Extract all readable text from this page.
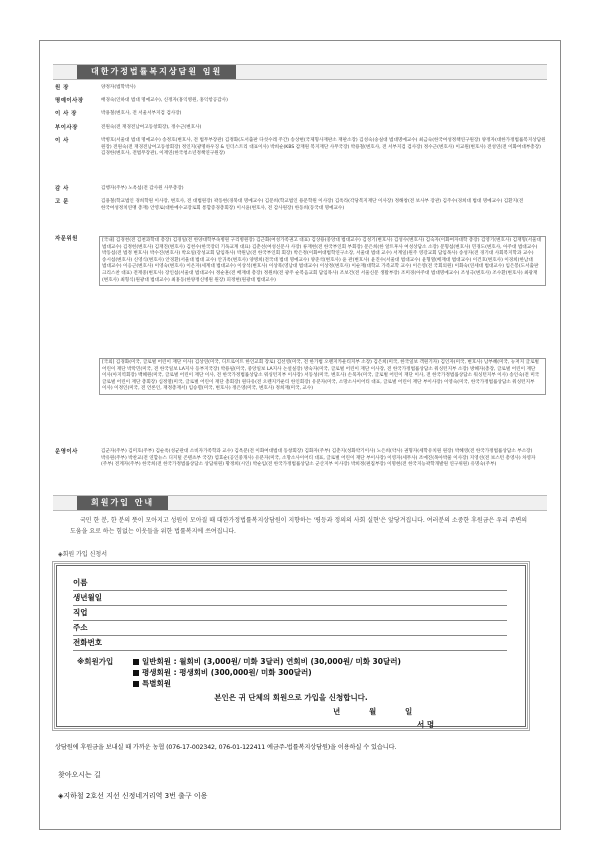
대한가정법률복지상담원 임원
원 장	양정자(법학박사)
명예이사장	배경숙(인하대 법대 명예교수), 신정자(홍익병원, 홍익항공감사)
이 사 장	박용철(변호사, 전 서울서부지검 검사장)
부이사장	전원숙(전 재경전남여고동창회장), 정수근(변호사)
이 사	박병호(서울대 법대 명예교수) 송정호(변호사, 전 법무부장관) 김정화(도서출판 다섯수레 주간) 송상현(국제형사재판소 재판소장) 김성숙(숭실대 법대명예교수) 최금숙(한국여성정책연구원장) 양정자(대한가정법률복지상담원 원장) 전원숙(전 재경전남여고동창회장) 정인지(광명하우징 & 인더스트리 대표이사) 박희순(KBS 감재원 복지재단 사무국장) 박용철(변호사, 전 서부지검 검사장) 정수근(변호사) 이교원(변호사) 전성연(전 이화여대부총장) 김경한(변호사, 전법무장관), 이재연(한국청소년정책연구원장)
감 사	김행자(주부) 노옥섭(전 감사원 사무총장)
고 문	김용철(학교법인 경희학원 이사장, 변호사, 전 대법원장) 곽동현(경북대 명예교수) 김문희(학교법인 용문학원 이사장) 김옥라(각당복지재단 이사장) 정해창(전 보사부 장관) 김주수(경희대 법대 명예교수) 김환지(전 한국여성정치연맹 총재) 안영로(대한예수교장로회 통합증경총회장) 이시윤(변호사, 전 감사원장) 한동희(동국대 명예교수)
자문위원	[국내] 김경천(전 김천과학대 총장) 김경일(전 한양대학부속병원 구리병원장) 김근화(여성가족권고 대표) 김상용(중앙대 법대교수) 김성기(변호사) 김성수(변호사) 김숙자(이화여자대학 총장) 김영기(변호사) 김재형(서울대 법대교수) 김정헌(변호사) 김재진(변호사) 김천수(한국장터 기독교계 대표) 김춘선(여성신문사 사장) 류재현(전 한국부인회 부회장) 문은희(한 알트후사 여성상담소 소장) 문형섭(변호사) 민경도(변호사, 아주대 법대교수) 박동섭(전 법정 변호사) 박수진(변호사) 박요일(강성교회 담임목사) 박원남(전 한국부인회 회장) 박은정(이화여대법학연구소장, 서울대 법대 교수) 서계일(원주 영강교회 담임목사) 송성자(전 경기대 사회복지학과 교수) 송시섭(변호사) 신영식(변호사) 안경환(서울대 법대 교수) 안귀옥(변호사) 양병희(전국대 법대 명예교수) 양준석(변호사) 윤 관(변호사) 윤진수(서울대 법대교수) 윤형열(베재대 법대교수) 이건호(변호사) 이경희(한남대 법대교수) 이응근(변호사) 이영숙(변호사) 이온자(세계대 법대교수) 이상석(변호사) 이상묵(영남대 법대교수) 이상정(변호사) 이순재(대학교 가족교학 교수) 이은영(전 국회의원) 이화숙(연세대 법대교수) 임은봉(도서출판 크리스찬 대표) 전재중(변호사) 장인섭(서울대 법대교수) 정순훈(전 배재대 총장) 정원희(전 광주 순복음교회 담임목사) 조보건(전 서울신문 생활부장) 조미경(아주대 법대명예교수) 조성극(변호사) 조수환(변호사) 최광재(변호사) 최형식(원광대 법대교수) 최홍동(한양정신병원 원장) 피정현(원광대 법대교수)
[국외] 김경화(미국, 글로벌 어린이 재단 이사) 김상연(미국, 디트로이트 한인교회 장로) 김선영(미국, 전 한가법 오렌지카운티지부 소장) 김은희(미국, 한국일보 객원기자) 김인자(미국, 변호사) 남부혜(미국, 뉴저지 글로벌 어린이 재단 박막민(미국, 전 한국일보 LA지사 등부지국장) 박용필(미국, 중앙일보 LA지사 논설실장) 방숙자(미국, 글로벌 어린이 재단 이사장, 전 한국가정법률상담소 워싱턴지부 소장) 방혜자(총장, 글로벌 어린이 재단 이사(아지역회장) 백혜원(미국, 글로벌 어린이 재단 이사, 전 한국가정법률상담소 워싱턴지부 이사장) 서동성(미국, 변호사) 손묵자(미국, 글로벌 어린이 재단 이사, 전 한국가정법률상담소 워싱턴지부 이사) 송인숙(전 미국 글로벌 어린이 재단 총회장) 심정열(미국, 글로벌 어린이 재단 총회장) 원다유(전 오렌지카운티 한인회장) 유분자(미국, 소망소사이어티 대표, 글로벌 어린이 재단 부이사장) 이영숙(미국, 한국가정법률상담소 워싱턴지부 이사) 이정인(미국, 전 언론인, 재정총재서) 임승렬(미국, 변호사) 정은영(미국, 변호사) 정희재(미국, 교수)
운영이사	김군자(주부) 김미호(주부) 김순옥(성균관대 소비자가족학과 교수) 김옥분(전 이화여대법대 동창회장) 김화자(주부) 김춘지(성화약기이사) 노은희(약사) 권형자(세학유치원 원장) 박혜영(전 한국가정법률상담소 부소장) 박유원(주부) 박찬교(전 연합뉴스 디지털 콘텐츠부 국장) 염효순(공인중개사) 유분자(미국, 소망소사이어티 대표, 글로벌 어린이 재단 부이사장) 이영자(세무사) 조예진(목아박물 이사장) 지영선(전 보스턴 총영사) 차영자(주부) 전계자(주부) 한국희(전 한국가정법률상담소 상담위원) 황정희(시인) 박순임(전 한국가정법률상담소 군산지부 이사장) 박희정(편집부장) 이명현(전 한국지능곽학개발원 연구위원) 유명숙(주부)
회원가입 안내
국민 한 분, 한 분의 뜻이 모아지고 성원이 모아질 때 대한가정법률복지상담원이 지향하는 '평등과 정의의 사회 실현'은 앞당겨집니다. 여러분의 소중한 후원금은 우리 주변의 도움을 요로 하는 힘없는 이웃들을 위한 법률복지에 쓰여집니다.
◈회원 가입 신청서
이름
생년월일
직업
주소
전화번호
※회원가입	일반회원 : 월회비 (3,000원/ 미화 3달러) 연회비 (30,000원/ 미화 30달러)
평생회원 : 평생회비 (300,000원/ 미화 300달러)
특별회원
본인은 귀 단체의 회원으로 가입을 신청합니다.
년	월	일
서 명
상담원에 후원금을 보내실 때 가까운 농협 (076-17-002342, 076-01-122411 예금주-법률복지상담원)을 이용하실 수 있습니다.
찾아오시는 길
◈지하철 2호선 지선 신정네거리역 3번 출구 이용
